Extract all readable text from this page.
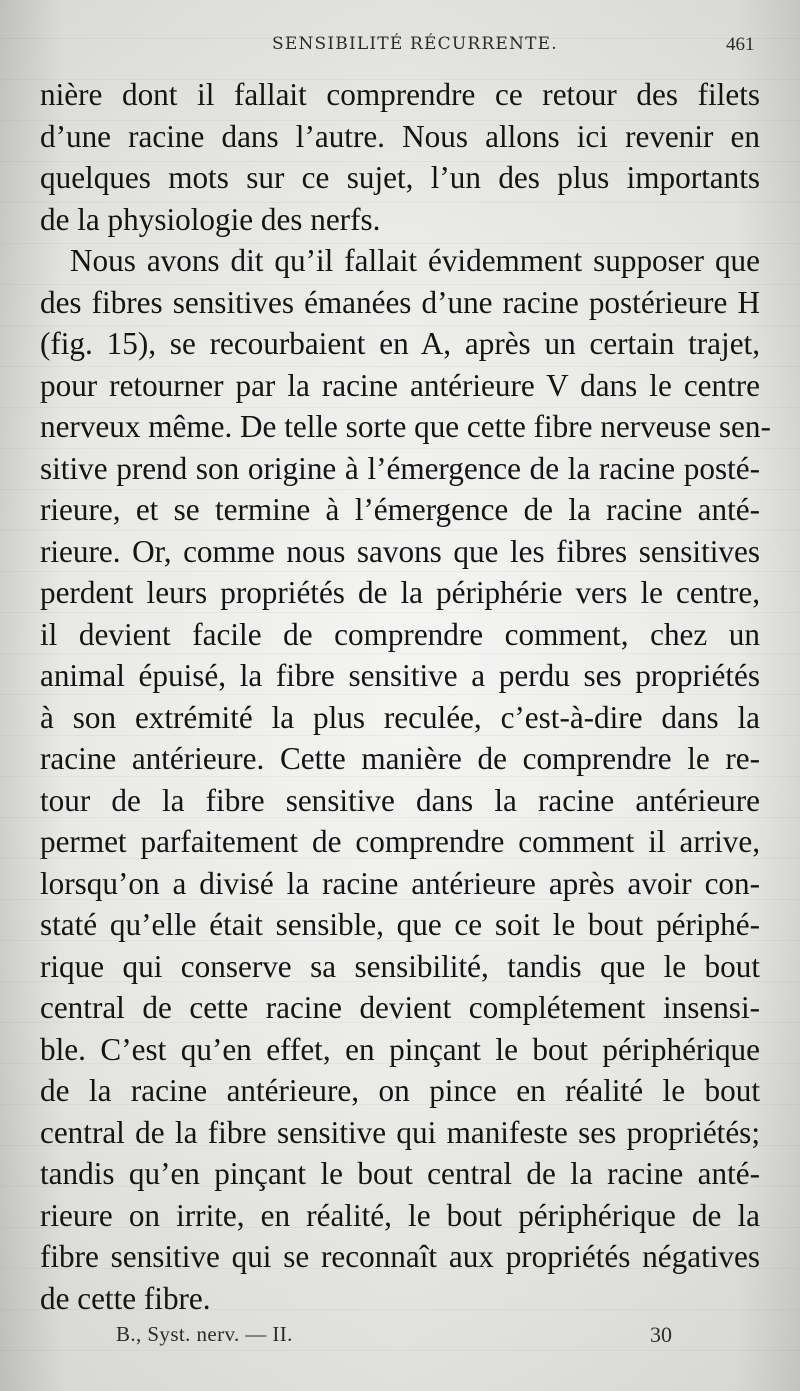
SENSIBILITÉ RÉCURRENTE.	461
nière dont il fallait comprendre ce retour des filets
d’une racine dans l’autre. Nous allons ici revenir en
quelques mots sur ce sujet, l’un des plus importants
de la physiologie des nerfs.
Nous avons dit qu’il fallait évidemment supposer que
des fibres sensitives émanées d’une racine postérieure H
(fig. 15), se recourbaient en A, après un certain trajet,
pour retourner par la racine antérieure V dans le centre
nerveux même. De telle sorte que cette fibre nerveuse sen-
sitive prend son origine à l’émergence de la racine posté-
rieure, et se termine à l’émergence de la racine anté-
rieure. Or, comme nous savons que les fibres sensitives
perdent leurs propriétés de la périphérie vers le centre,
il devient facile de comprendre comment, chez un
animal épuisé, la fibre sensitive a perdu ses propriétés
à son extrémité la plus reculée, c’est-à-dire dans la
racine antérieure. Cette manière de comprendre le re-
tour de la fibre sensitive dans la racine antérieure
permet parfaitement de comprendre comment il arrive,
lorsqu’on a divisé la racine antérieure après avoir con-
staté qu’elle était sensible, que ce soit le bout périphé-
rique qui conserve sa sensibilité, tandis que le bout
central de cette racine devient complétement insensi-
ble. C’est qu’en effet, en pinçant le bout périphérique
de la racine antérieure, on pince en réalité le bout
central de la fibre sensitive qui manifeste ses propriétés;
tandis qu’en pinçant le bout central de la racine anté-
rieure on irrite, en réalité, le bout périphérique de la
fibre sensitive qui se reconnaît aux propriétés négatives
de cette fibre.
B., Syst. nerv. — II.	30
